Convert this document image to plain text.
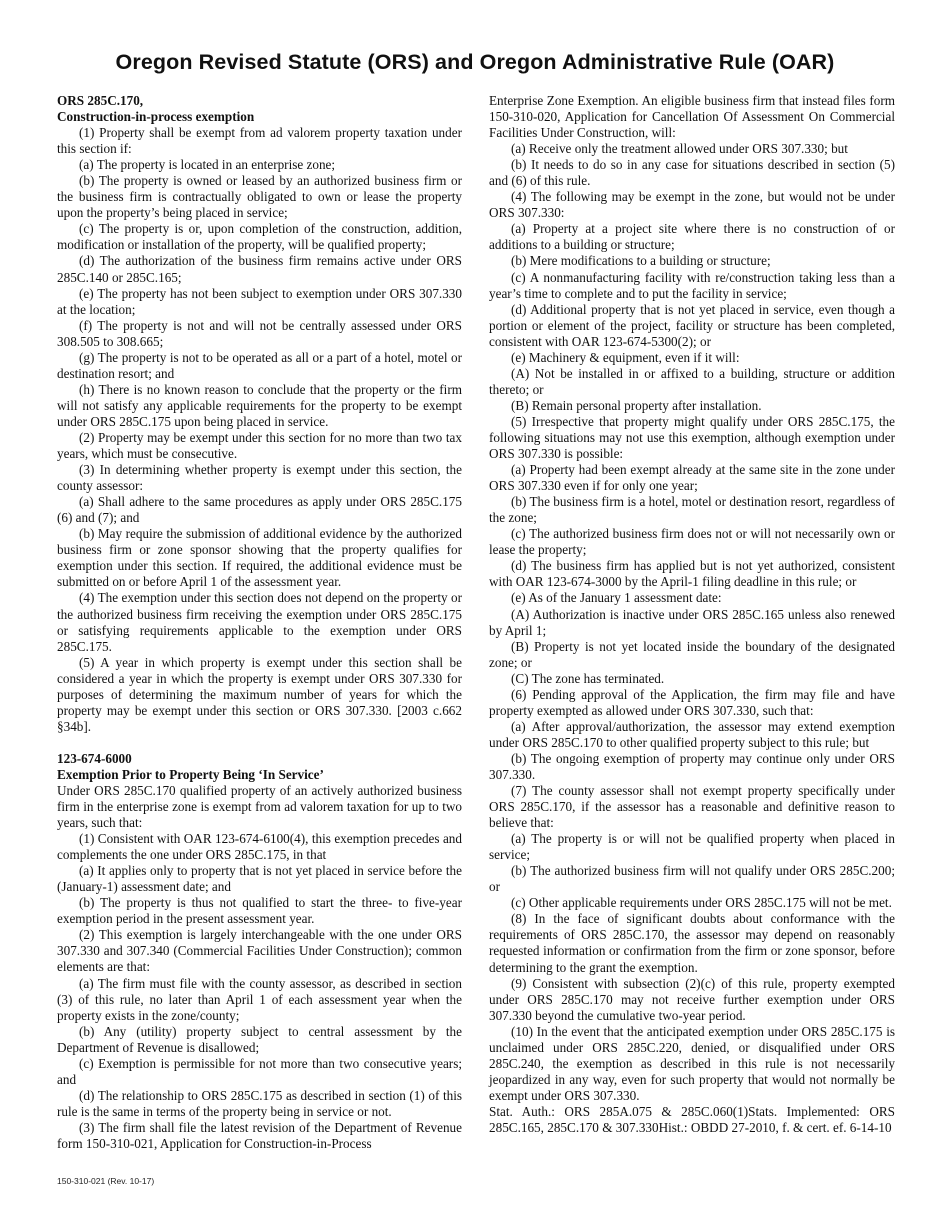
Oregon Revised Statute (ORS) and Oregon Administrative Rule (OAR)

ORS 285C.170,

Construction-in-process exemption

(1) Property shall be exempt from ad valorem property taxation under this section if:

(a) The property is located in an enterprise zone;

(b) The property is owned or leased by an authorized business firm or the business firm is contractually obligated to own or lease the property upon the property’s being placed in service;

(c) The property is or, upon completion of the construction, addition, modification or installation of the property, will be qualified property;

(d) The authorization of the business firm remains active under ORS 285C.140 or 285C.165;

(e) The property has not been subject to exemption under ORS 307.330 at the location;

(f) The property is not and will not be centrally assessed under ORS 308.505 to 308.665;

(g) The property is not to be operated as all or a part of a hotel, motel or destination resort; and

(h) There is no known reason to conclude that the property or the firm will not satisfy any applicable requirements for the property to be exempt under ORS 285C.175 upon being placed in service.

(2) Property may be exempt under this section for no more than two tax years, which must be consecutive.

(3) In determining whether property is exempt under this section, the county assessor:

(a) Shall adhere to the same procedures as apply under ORS 285C.175 (6) and (7); and

(b) May require the submission of additional evidence by the authorized business firm or zone sponsor showing that the property qualifies for exemption under this section. If required, the additional evidence must be submitted on or before April 1 of the assessment year.

(4) The exemption under this section does not depend on the property or the authorized business firm receiving the exemption under ORS 285C.175 or satisfying requirements applicable to the exemption under ORS 285C.175.

(5) A year in which property is exempt under this section shall be considered a year in which the property is exempt under ORS 307.330 for purposes of determining the maximum number of years for which the property may be exempt under this section or ORS 307.330. [2003 c.662 §34b].

123-674-6000

Exemption Prior to Property Being ‘In Service’

Under ORS 285C.170 qualified property of an actively authorized business firm in the enterprise zone is exempt from ad valorem taxation for up to two years, such that:

(1) Consistent with OAR 123-674-6100(4), this exemption precedes and complements the one under ORS 285C.175, in that

(a) It applies only to property that is not yet placed in service before the (January-1) assessment date; and

(b) The property is thus not qualified to start the three- to five-year exemption period in the present assessment year.

(2) This exemption is largely interchangeable with the one under ORS 307.330 and 307.340 (Commercial Facilities Under Construction); common elements are that:

(a) The firm must file with the county assessor, as described in section (3) of this rule, no later than April 1 of each assessment year when the property exists in the zone/county;

(b) Any (utility) property subject to central assessment by the Department of Revenue is disallowed;

(c) Exemption is permissible for not more than two consecutive years; and

(d) The relationship to ORS 285C.175 as described in section (1) of this rule is the same in terms of the property being in service or not.

(3) The firm shall file the latest revision of the Department of Revenue form 150-310-021, Application for Construction-in-Process

Enterprise Zone Exemption. An eligible business firm that instead files form 150-310-020, Application for Cancellation Of Assessment On Commercial Facilities Under Construction, will:

(a) Receive only the treatment allowed under ORS 307.330; but

(b) It needs to do so in any case for situations described in section (5) and (6) of this rule.

(4) The following may be exempt in the zone, but would not be under ORS 307.330:

(a) Property at a project site where there is no construction of or additions to a building or structure;

(b) Mere modifications to a building or structure;

(c) A nonmanufacturing facility with re/construction taking less than a year’s time to complete and to put the facility in service;

(d) Additional property that is not yet placed in service, even though a portion or element of the project, facility or structure has been completed, consistent with OAR 123-674-5300(2); or

(e) Machinery & equipment, even if it will:

(A) Not be installed in or affixed to a building, structure or addition thereto; or

(B) Remain personal property after installation.

(5) Irrespective that property might qualify under ORS 285C.175, the following situations may not use this exemption, although exemption under ORS 307.330 is possible:

(a) Property had been exempt already at the same site in the zone under ORS 307.330 even if for only one year;

(b) The business firm is a hotel, motel or destination resort, regardless of the zone;

(c) The authorized business firm does not or will not necessarily own or lease the property;

(d) The business firm has applied but is not yet authorized, consistent with OAR 123-674-3000 by the April-1 filing deadline in this rule; or

(e) As of the January 1 assessment date:

(A) Authorization is inactive under ORS 285C.165 unless also renewed by April 1;

(B) Property is not yet located inside the boundary of the designated zone; or

(C) The zone has terminated.

(6) Pending approval of the Application, the firm may file and have property exempted as allowed under ORS 307.330, such that:

(a) After approval/authorization, the assessor may extend exemption under ORS 285C.170 to other qualified property subject to this rule; but

(b) The ongoing exemption of property may continue only under ORS 307.330.

(7) The county assessor shall not exempt property specifically under ORS 285C.170, if the assessor has a reasonable and definitive reason to believe that:

(a) The property is or will not be qualified property when placed in service;

(b) The authorized business firm will not qualify under ORS 285C.200; or

(c) Other applicable requirements under ORS 285C.175 will not be met.

(8) In the face of significant doubts about conformance with the requirements of ORS 285C.170, the assessor may depend on reasonably requested information or confirmation from the firm or zone sponsor, before determining to the grant the exemption.

(9) Consistent with subsection (2)(c) of this rule, property exempted under ORS 285C.170 may not receive further exemption under ORS 307.330 beyond the cumulative two-year period.

(10) In the event that the anticipated exemption under ORS 285C.175 is unclaimed under ORS 285C.220, denied, or disqualified under ORS 285C.240, the exemption as described in this rule is not necessarily jeopardized in any way, even for such property that would not normally be exempt under ORS 307.330.

Stat. Auth.: ORS 285A.075 & 285C.060(1)Stats. Implemented: ORS 285C.165, 285C.170 & 307.330Hist.: OBDD 27-2010, f. & cert. ef. 6-14-10

150-310-021 (Rev. 10-17)
